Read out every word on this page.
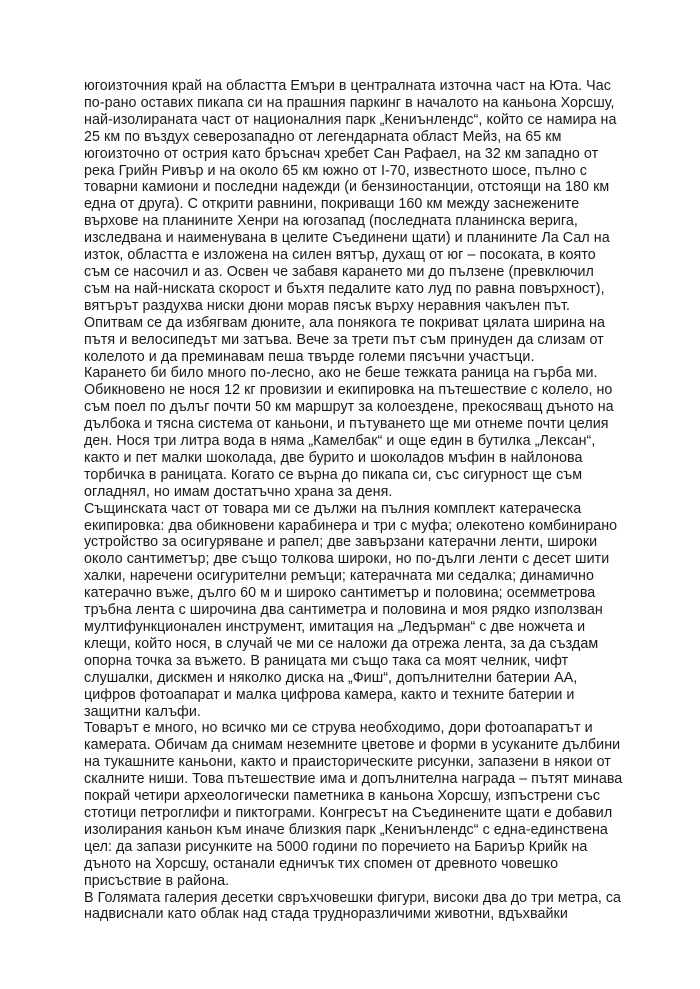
югоизточния край на областта Емъри в централната източна част на Юта. Час по-рано оставих пикапа си на прашния паркинг в началото на каньона Хорсшу, най-изолираната част от националния парк „Кениънлендс“, който се намира на 25 км по въздух северозападно от легендарната област Мейз, на 65 км югоизточно от острия като бръснач хребет Сан Рафаел, на 32 км западно от река Грийн Ривър и на около 65 км южно от I-70, известното шосе, пълно с товарни камиони и последни надежди (и бензиностанции, отстоящи на 180 км една от друга). С открити равнини, покриващи 160 км между заснежените върхове на планините Хенри на югозапад (последната планинска верига, изследвана и наименувана в целите Съединени щати) и планините Ла Сал на изток, областта е изложена на силен вятър, духащ от юг – посоката, в която съм се насочил и аз. Освен че забавя карането ми до пълзене (превключил съм на най-ниската скорост и бъхтя педалите като луд по равна повърхност), вятърът раздухва ниски дюни морав пясък върху неравния чакълен път. Опитвам се да избягвам дюните, ала понякога те покриват цялата ширина на пътя и велосипедът ми затъва. Вече за трети път съм принуден да слизам от колелото и да преминавам пеша твърде големи пясъчни участъци.

Карането би било много по-лесно, ако не беше тежката раница на гърба ми. Обикновено не нося 12 кг провизии и екипировка на пътешествие с колело, но съм поел по дълъг почти 50 км маршрут за колоездене, прекосяващ дъното на дълбока и тясна система от каньони, и пътуването ще ми отнеме почти целия ден. Нося три литра вода в няма „Камелбак“ и още един в бутилка „Лексан“, както и пет малки шоколада, две бурито и шоколадов мъфин в найлонова торбичка в раницата. Когато се върна до пикапа си, със сигурност ще съм огладнял, но имам достатъчно храна за деня.

Същинската част от товара ми се дължи на пълния комплект катераческа екипировка: два обикновени карабинера и три с муфа; олекотено комбинирано устройство за осигуряване и рапел; две завързани катерачни ленти, широки около сантиметър; две също толкова широки, но по-дълги ленти с десет шити халки, наречени осигурителни ремъци; катерачната ми седалка; динамично катерачно въже, дълго 60 м и широко сантиметър и половина; осемметрова тръбна лента с широчина два сантиметра и половина и моя рядко използван мултифункционален инструмент, имитация на „Ледърман“ с две ножчета и клещи, който нося, в случай че ми се наложи да отрежа лента, за да създам опорна точка за въжето. В раницата ми също така са моят челник, чифт слушалки, дискмен и няколко диска на „Фиш“, допълнителни батерии АА, цифров фотоапарат и малка цифрова камера, както и техните батерии и защитни калъфи.

Товарът е много, но всичко ми се струва необходимо, дори фотоапаратът и камерата. Обичам да снимам неземните цветове и форми в усуканите дълбини на тукашните каньони, както и праисторическите рисунки, запазени в някои от скалните ниши. Това пътешествие има и допълнителна награда – пътят минава покрай четири археологически паметника в каньона Хорсшу, изпъстрени със стотици петроглифи и пиктограми. Конгресът на Съединените щати е добавил изолирания каньон към иначе близкия парк „Кениънлендс“ с една-единствена цел: да запази рисунките на 5000 години по поречието на Бариър Крийк на дъното на Хорсшу, останали едничък тих спомен от древното човешко присъствие в района.

В Голямата галерия десетки свръхчовешки фигури, високи два до три метра, са надвиснали като облак над стада трудноразличими животни, вдъхвайки
